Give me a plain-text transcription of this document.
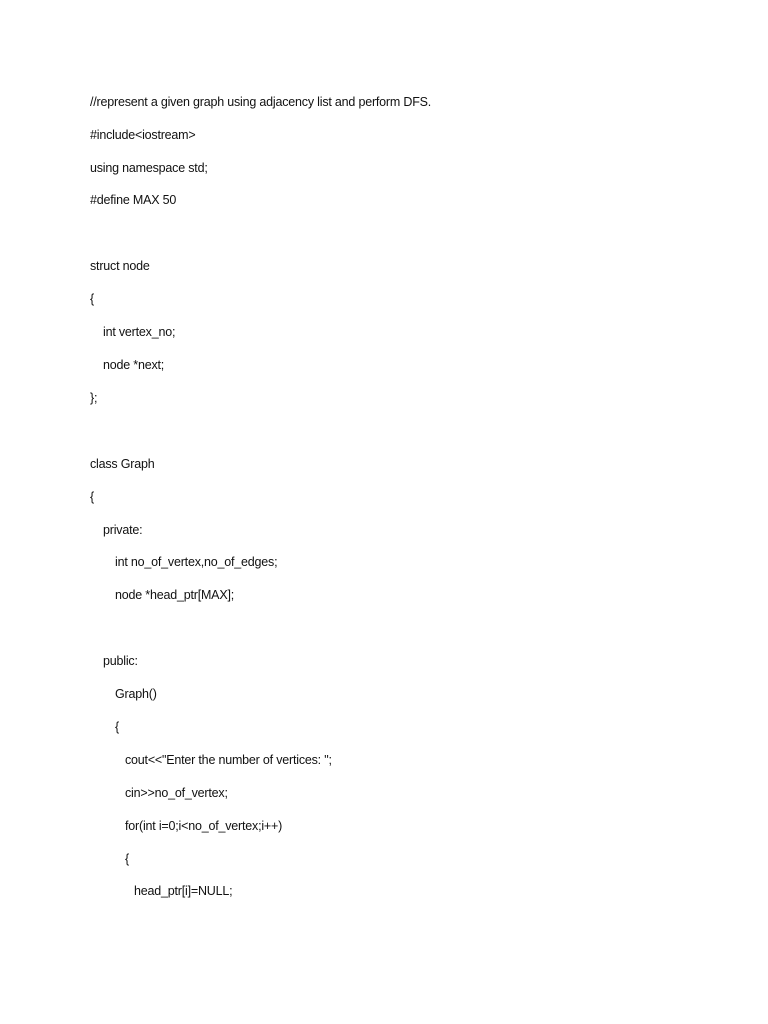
//represent a given graph using adjacency list and perform DFS.
#include<iostream>
using namespace std;
#define MAX 50
struct node
{
int vertex_no;
node *next;
};
class Graph
{
private:
int no_of_vertex,no_of_edges;
node *head_ptr[MAX];
public:
Graph()
{
cout<<"Enter the number of vertices: ";
cin>>no_of_vertex;
for(int i=0;i<no_of_vertex;i++)
{
head_ptr[i]=NULL;
